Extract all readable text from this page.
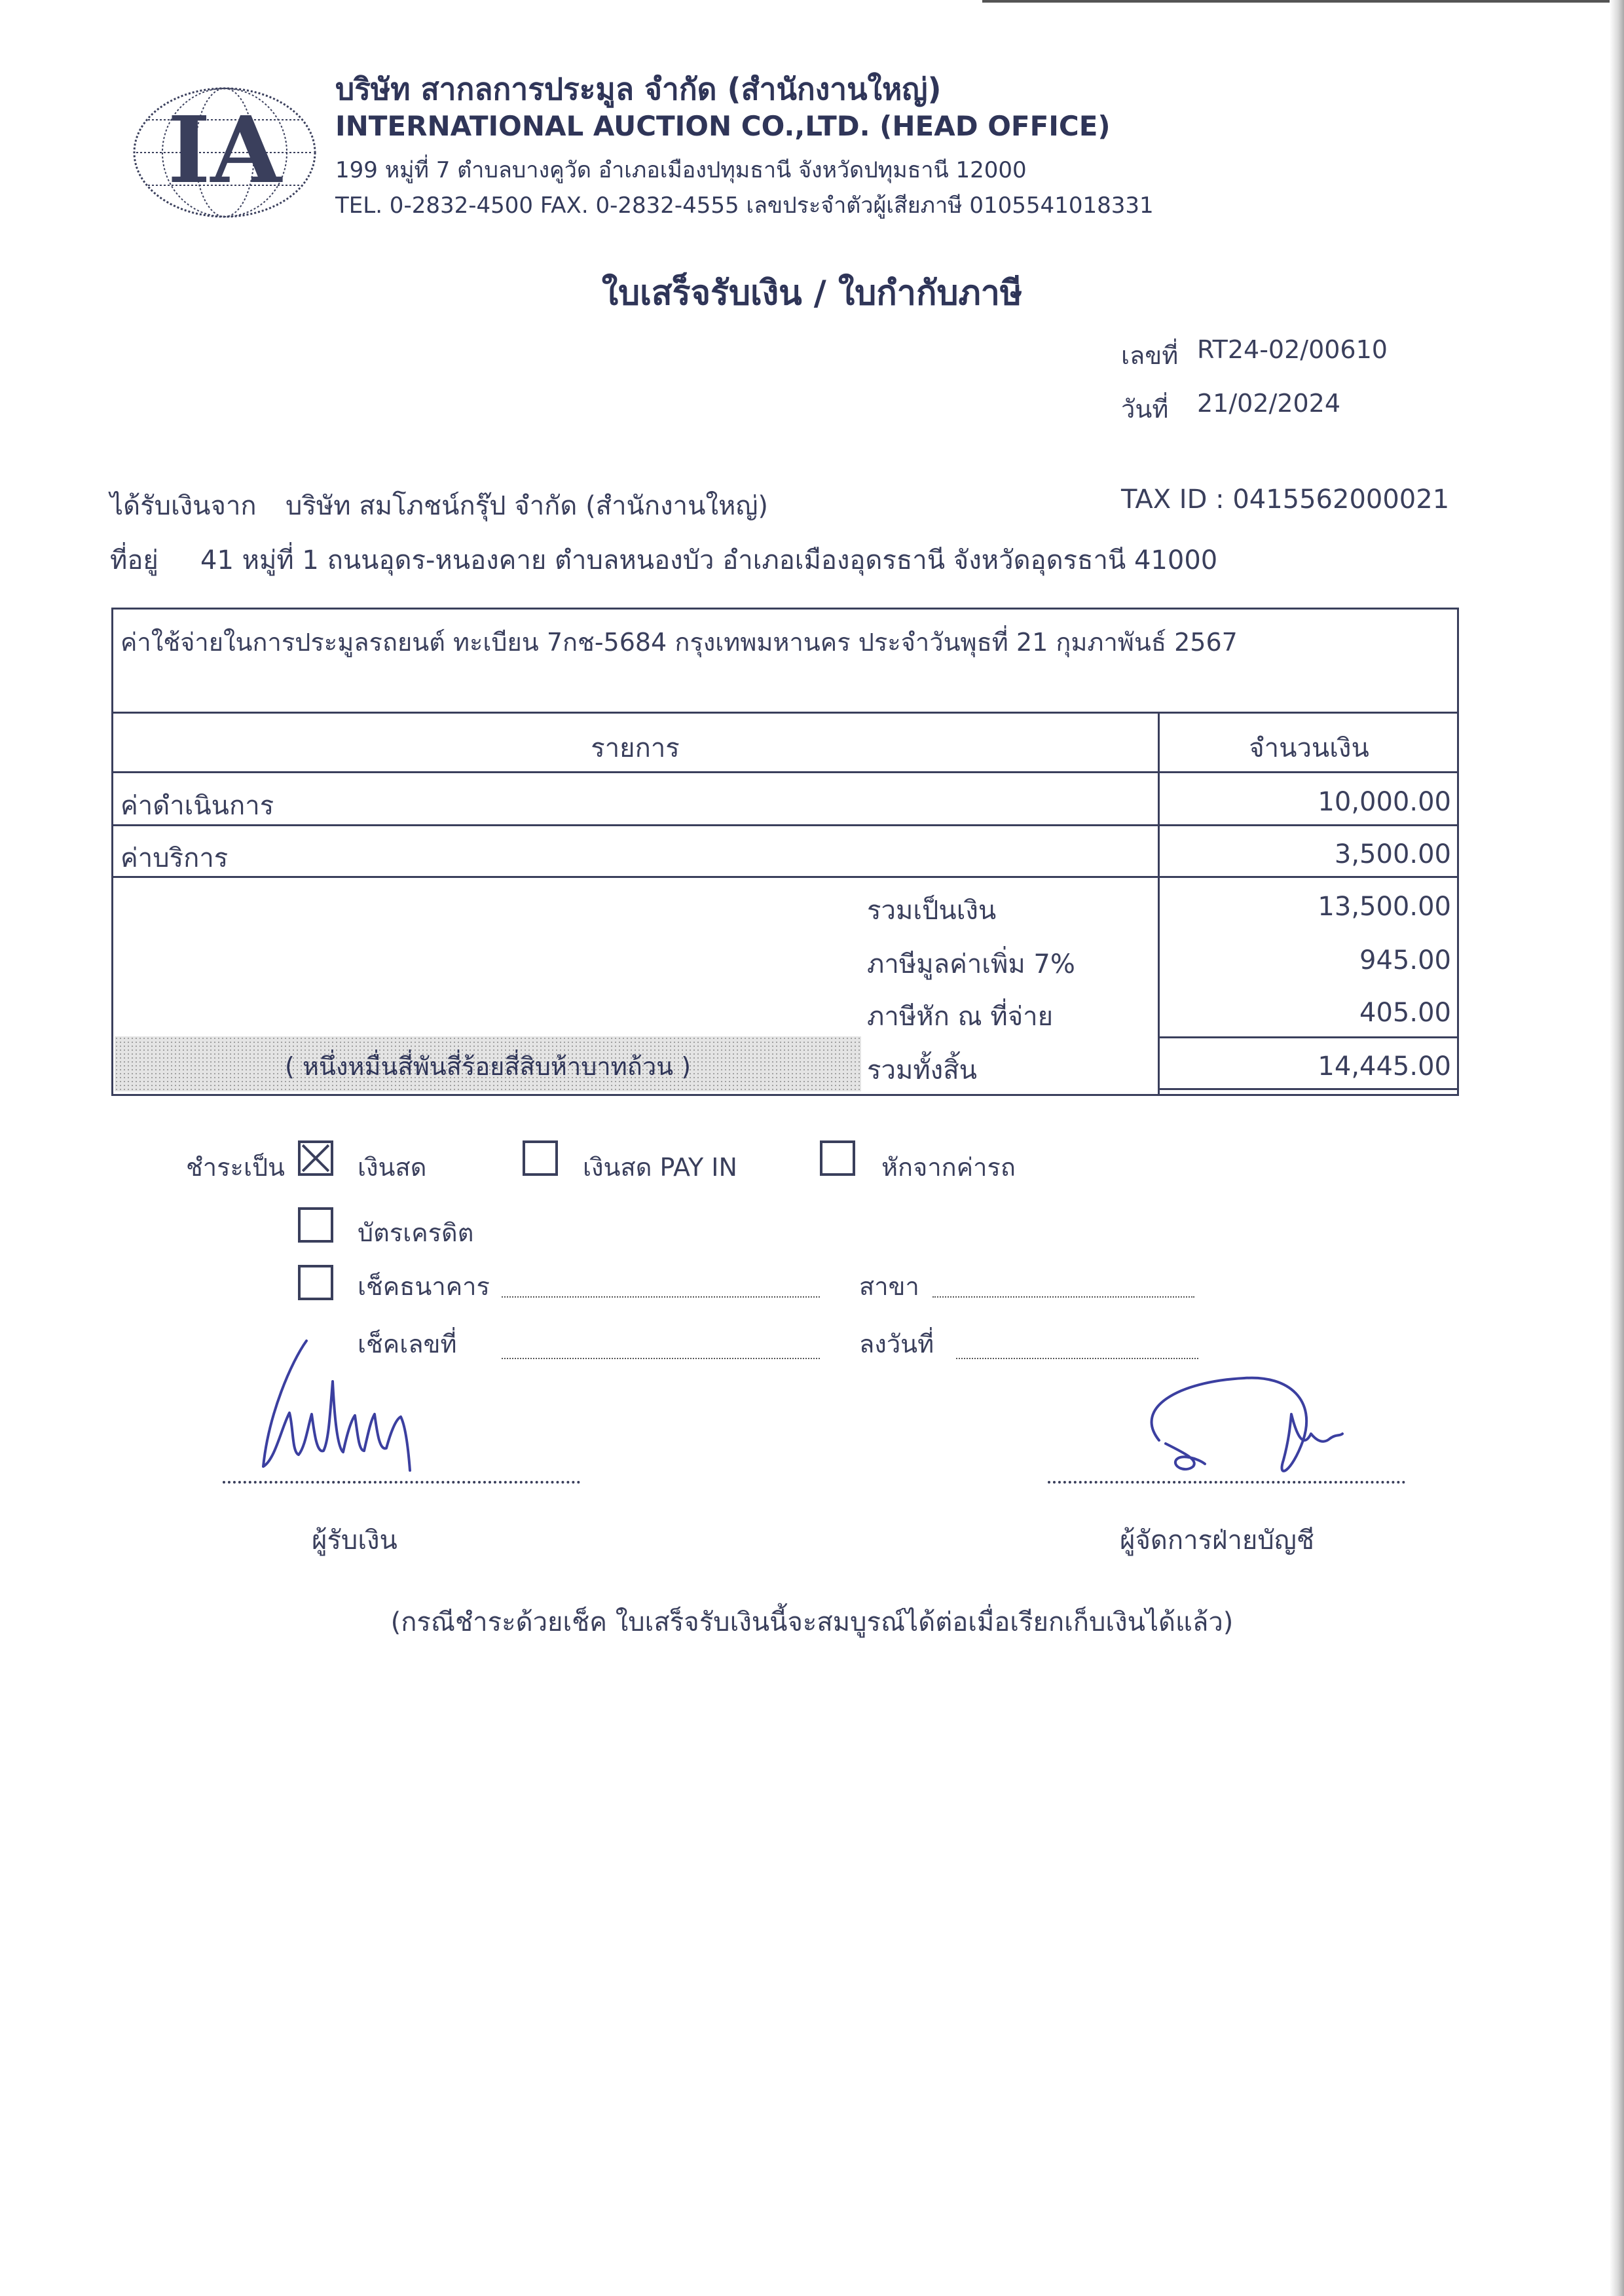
IA
บริษัท สากลการประมูล จำกัด (สำนักงานใหญ่)
INTERNATIONAL AUCTION CO.,LTD. (HEAD OFFICE)
199 หมู่ที่ 7 ตำบลบางคูวัด อำเภอเมืองปทุมธานี จังหวัดปทุมธานี 12000
TEL. 0-2832-4500 FAX. 0-2832-4555 เลขประจำตัวผู้เสียภาษี 0105541018331
ใบเสร็จรับเงิน / ใบกำกับภาษี
เลขที่ RT24-02/00610
วันที่ 21/02/2024
ได้รับเงินจาก บริษัท สมโภชน์กรุ๊ป จำกัด (สำนักงานใหญ่)	TAX ID : 0415562000021
ที่อยู่ 41 หมู่ที่ 1 ถนนอุดร-หนองคาย ตำบลหนองบัว อำเภอเมืองอุดรธานี จังหวัดอุดรธานี 41000
ค่าใช้จ่ายในการประมูลรถยนต์ ทะเบียน 7กช-5684 กรุงเทพมหานคร ประจำวันพุธที่ 21 กุมภาพันธ์ 2567
รายการ	จำนวนเงิน
ค่าดำเนินการ	10,000.00
ค่าบริการ	3,500.00
รวมเป็นเงิน	13,500.00
ภาษีมูลค่าเพิ่ม 7%	945.00
ภาษีหัก ณ ที่จ่าย	405.00
( หนึ่งหมื่นสี่พันสี่ร้อยสี่สิบห้าบาทถ้วน )	รวมทั้งสิ้น	14,445.00
ชำระเป็น	เงินสด	เงินสด PAY IN	หักจากค่ารถ
บัตรเครดิต
เช็คธนาคาร	สาขา
เช็คเลขที่	ลงวันที่
ผู้รับเงิน	ผู้จัดการฝ่ายบัญชี
(กรณีชำระด้วยเช็ค ใบเสร็จรับเงินนี้จะสมบูรณ์ได้ต่อเมื่อเรียกเก็บเงินได้แล้ว)
